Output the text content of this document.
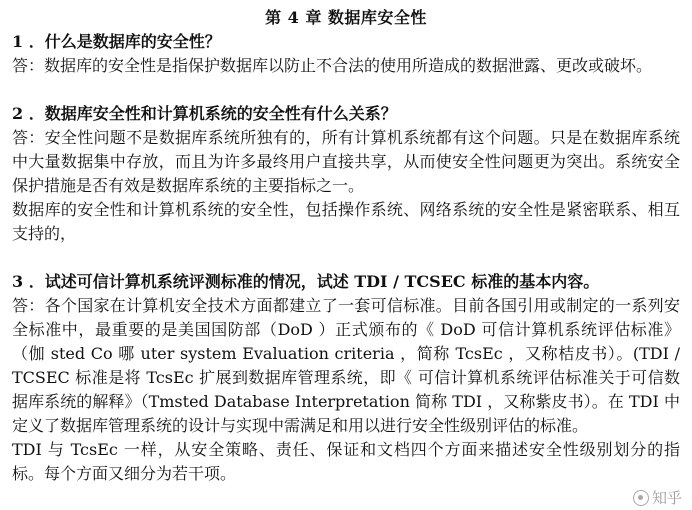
第 4 章 数据库安全性

1 ．什么是数据库的安全性？

答：数据库的安全性是指保护数据库以防止不合法的使用所造成的数据泄露、更改或破坏。

2 ．数据库安全性和计算机系统的安全性有什么关系？

答：安全性问题不是数据库系统所独有的，所有计算机系统都有这个问题。只是在数据库系统中大量数据集中存放，而且为许多最终用户直接共享，从而使安全性问题更为突出。系统安全保护措施是否有效是数据库系统的主要指标之一。

数据库的安全性和计算机系统的安全性，包括操作系统、网络系统的安全性是紧密联系、相互支持的，

3 ．试述可信计算机系统评测标准的情况，试述 TDI / TCSEC 标准的基本内容。

答：各个国家在计算机安全技术方面都建立了一套可信标准。目前各国引用或制定的一系列安全标准中，最重要的是美国国防部（DoD ）正式颁布的《 DoD 可信计算机系统评估标准》（伽 sted Co 哪 uter system Evaluation criteria ，简称 TcsEc ，又称桔皮书）。(TDI / TCSEC 标准是将 TcsEc 扩展到数据库管理系统，即《 可信计算机系统评估标准关于可信数据库系统的解释》（Tmsted Database Interpretation 简称 TDI ，又称紫皮书）。在 TDI 中定义了数据库管理系统的设计与实现中需满足和用以进行安全性级别评估的标准。

TDI 与 TcsEc 一样，从安全策略、责任、保证和文档四个方面来描述安全性级别划分的指标。每个方面又细分为若干项。

知乎
